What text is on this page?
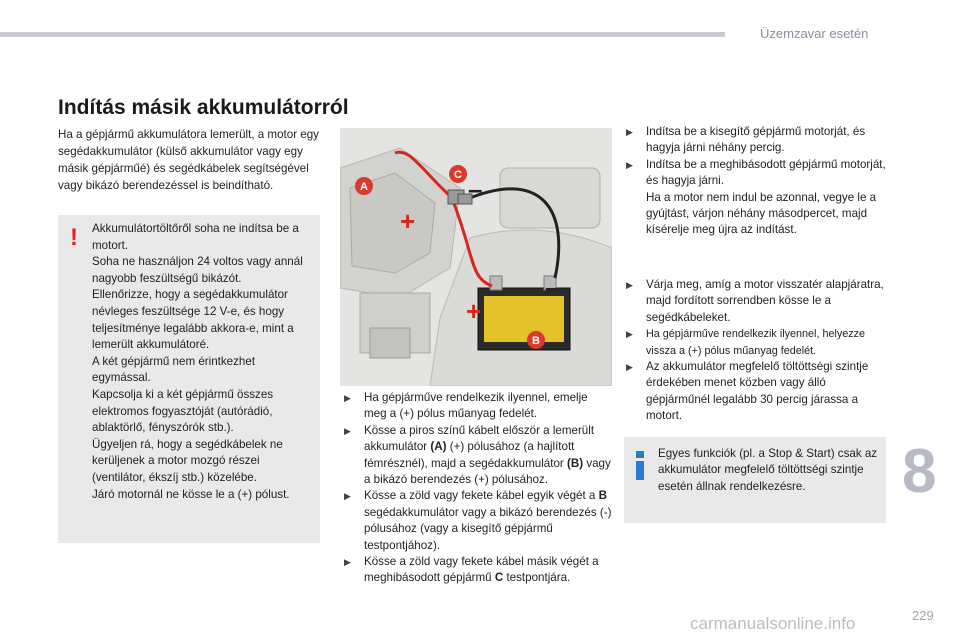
Üzemzavar esetén
Indítás másik akkumulátorról

Ha a gépjármű akkumulátora lemerült, a motor egy segédakkumulátor (külső akkumulátor vagy egy másik gépjárműé) és segédkábelek segítségével vagy bikázó berendezéssel is beindítható.

! Akkumulátortöltőről soha ne indítsa be a motort.
Soha ne használjon 24 voltos vagy annál nagyobb feszültségű bikázót.
Ellenőrizze, hogy a segédakkumulátor névleges feszültsége 12 V-e, és hogy teljesítménye legalább akkora-e, mint a lemerült akkumulátoré.
A két gépjármű nem érintkezhet egymással.
Kapcsolja ki a két gépjármű összes elektromos fogyasztóját (autórádió, ablaktörlő, fényszórók stb.).
Ügyeljen rá, hogy a segédkábelek ne kerüljenek a motor mozgó részei (ventilátor, ékszíj stb.) közelébe.
Járó motornál ne kösse le a (+) pólust.
A
B
C
+
+
–
–

▶︎ Ha gépjárműve rendelkezik ilyennel, emelje meg a (+) pólus műanyag fedelét.

▶︎ Kösse a piros színű kábelt először a lemerült akkumulátor (A) (+) pólusához (a hajlított fémrésznél), majd a segédakkumulátor (B) vagy a bikázó berendezés (+) pólusához.

▶︎ Kösse a zöld vagy fekete kábel egyik végét a B segédakkumulátor vagy a bikázó berendezés (-) pólusához (vagy a kisegítő gépjármű testpontjához).

▶︎ Kösse a zöld vagy fekete kábel másik végét a meghibásodott gépjármű C testpontjára.

▶︎ Indítsa be a kisegítő gépjármű motorját, és hagyja járni néhány percig.

▶︎ Indítsa be a meghibásodott gépjármű motorját, és hagyja járni.

Ha a motor nem indul be azonnal, vegye le a gyújtást, várjon néhány másodpercet, majd kísérelje meg újra az indítást.

▶︎ Várja meg, amíg a motor visszatér alapjáratra, majd fordított sorrendben kösse le a segédkábeleket.

▶︎ Ha gépjárműve rendelkezik ilyennel, helyezze vissza a (+) pólus műanyag fedelét.

▶︎ Az akkumulátor megfelelő töltöttségi szintje érdekében menet közben vagy álló gépjárműnél legalább 30 percig járassa a motort.

Egyes funkciók (pl. a Stop & Start) csak az akkumulátor megfelelő töltöttségi szintje esetén állnak rendelkezésre.	8
carmanualsonline.info	229
